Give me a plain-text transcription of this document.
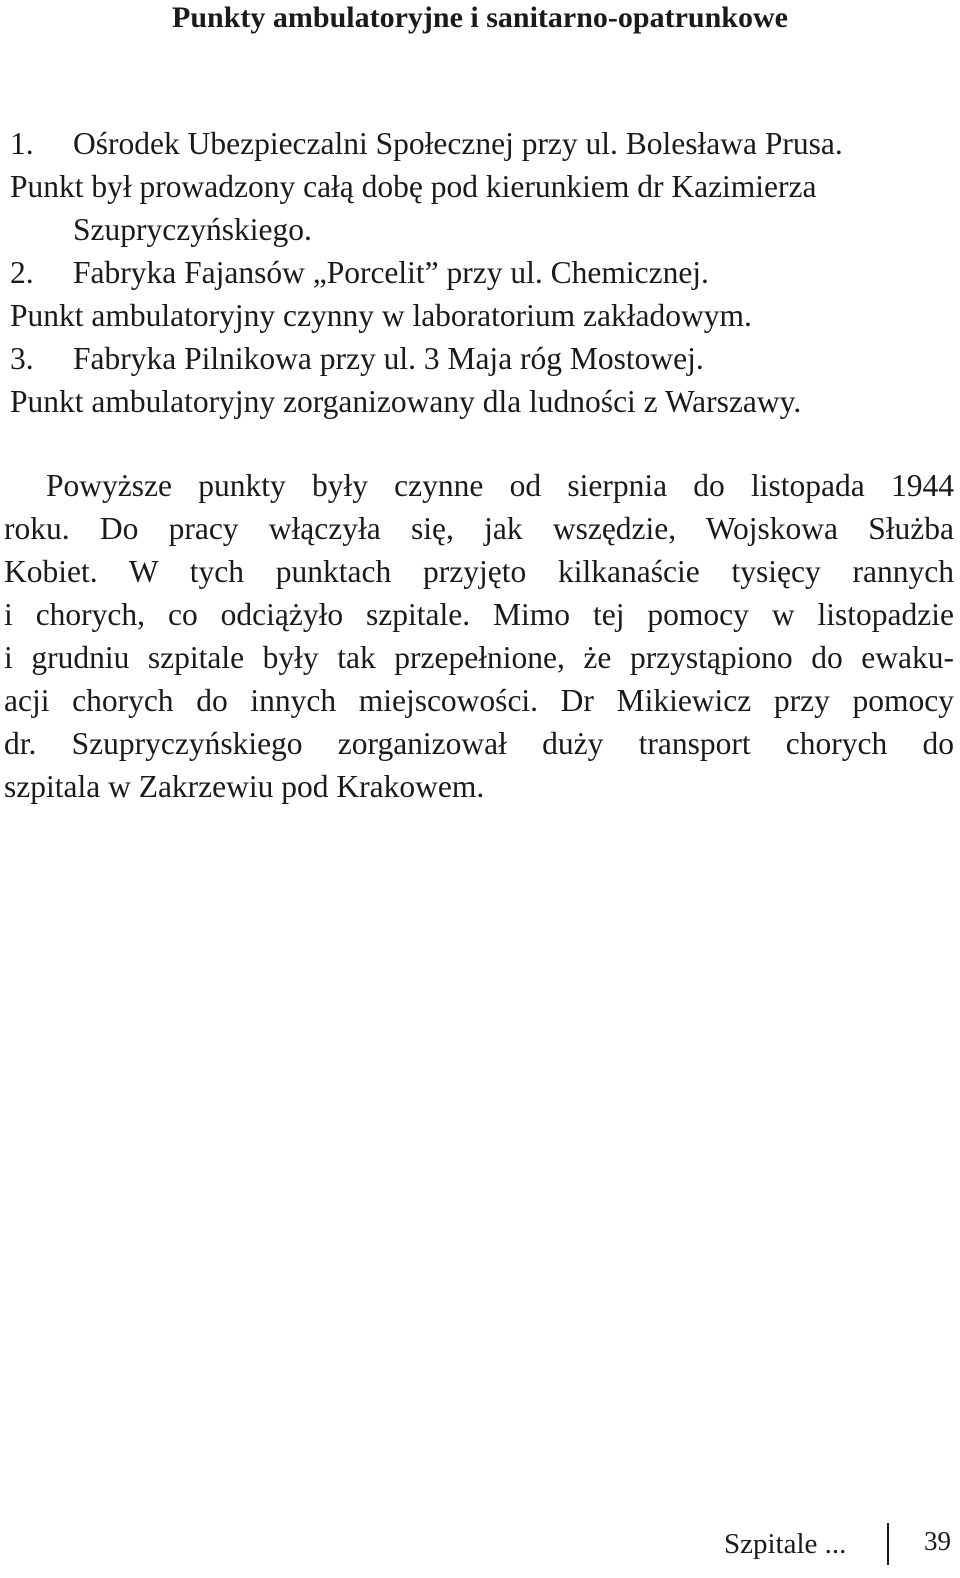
Punkty ambulatoryjne i sanitarno-opatrunkowe
1. Ośrodek Ubezpieczalni Społecznej przy ul. Bolesława Prusa.
Punkt był prowadzony całą dobę pod kierunkiem dr Kazimierza
Szupryczyńskiego.
2. Fabryka Fajansów „Porcelit” przy ul. Chemicznej.
Punkt ambulatoryjny czynny w laboratorium zakładowym.
3. Fabryka Pilnikowa przy ul. 3 Maja róg Mostowej.
Punkt ambulatoryjny zorganizowany dla ludności z Warszawy.
Powyższe punkty były czynne od sierpnia do listopada 1944
roku. Do pracy włączyła się, jak wszędzie, Wojskowa Służba
Kobiet. W tych punktach przyjęto kilkanaście tysięcy rannych
i chorych, co odciążyło szpitale. Mimo tej pomocy w listopadzie
i grudniu szpitale były tak przepełnione, że przystąpiono do ewaku-
acji chorych do innych miejscowości. Dr Mikiewicz przy pomocy
dr. Szupryczyńskiego zorganizował duży transport chorych do
szpitala w Zakrzewiu pod Krakowem.
Szpitale ...	39
